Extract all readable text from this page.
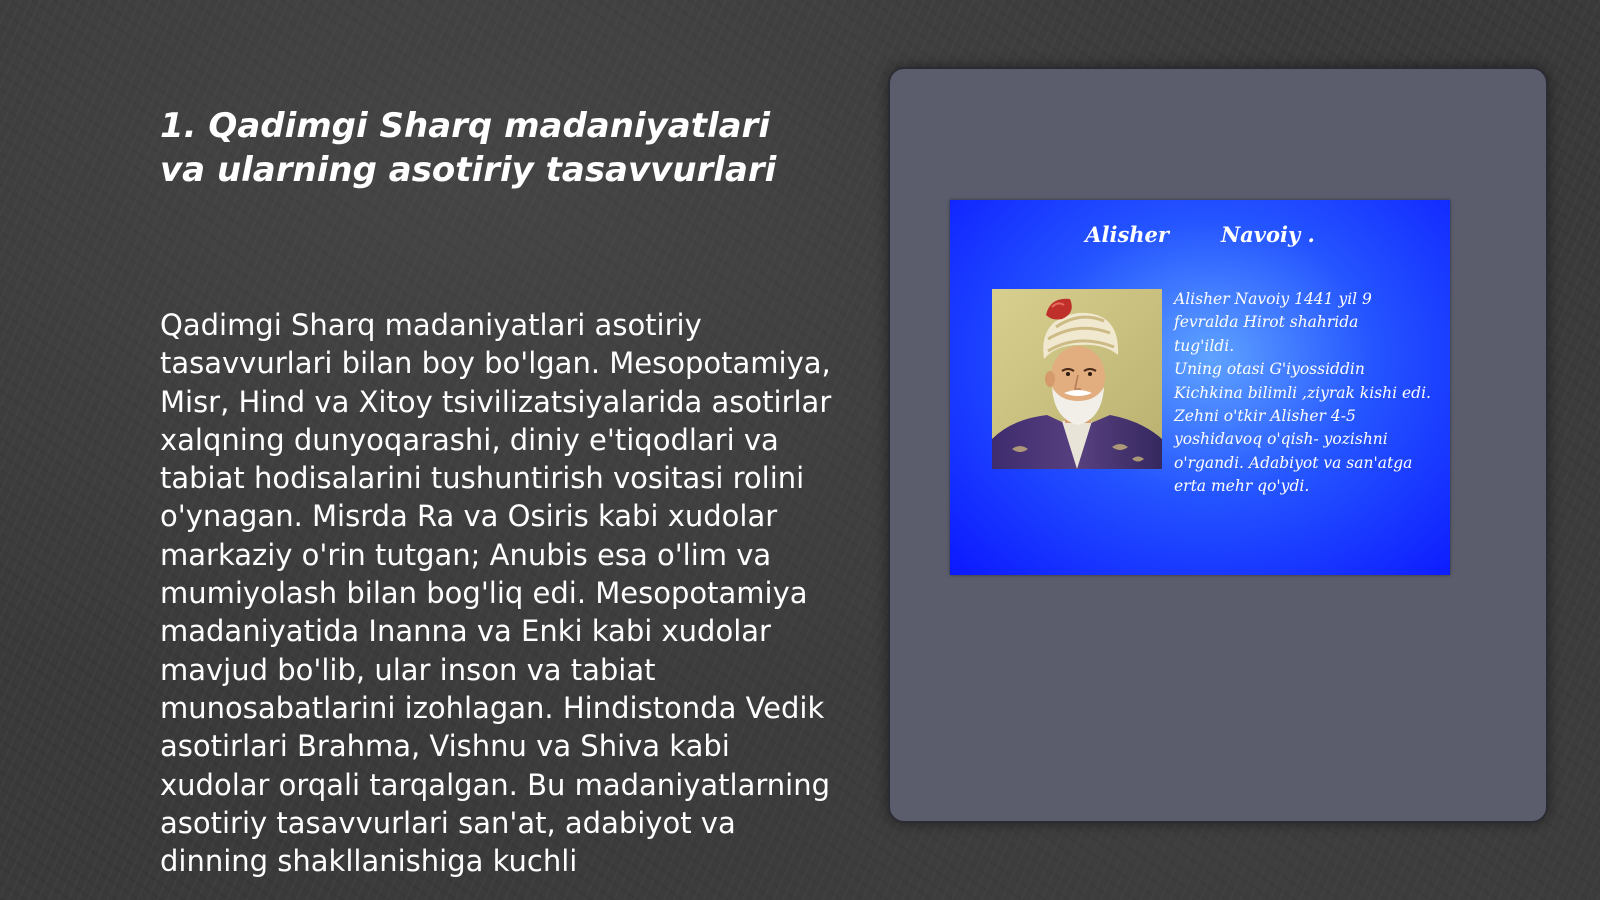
1. Qadimgi Sharq madaniyatlari va ularning asotiriy tasavvurlari

Qadimgi Sharq madaniyatlari asotiriy tasavvurlari bilan boy bo'lgan. Mesopotamiya, Misr, Hind va Xitoy tsivilizatsiyalarida asotirlar xalqning dunyoqarashi, diniy e'tiqodlari va tabiat hodisalarini tushuntirish vositasi rolini o'ynagan. Misrda Ra va Osiris kabi xudolar markaziy o'rin tutgan; Anubis esa o'lim va mumiyolash bilan bog'liq edi. Mesopotamiya madaniyatida Inanna va Enki kabi xudolar mavjud bo'lib, ular inson va tabiat munosabatlarini izohlagan. Hindistonda Vedik asotirlari Brahma, Vishnu va Shiva kabi xudolar orqali tarqalgan. Bu madaniyatlarning asotiriy tasavvurlari san'at, adabiyot va dinning shakllanishiga kuchli

Alisher Navoiy .

Alisher Navoiy 1441 yil 9
fevralda Hirot shahrida
tug'ildi.
Uning otasi G'iyossiddin
Kichkina bilimli ,ziyrak kishi edi.
Zehni o'tkir Alisher 4-5
yoshidavoq o'qish- yozishni
o'rgandi. Adabiyot va san'atga
erta mehr qo'ydi.
